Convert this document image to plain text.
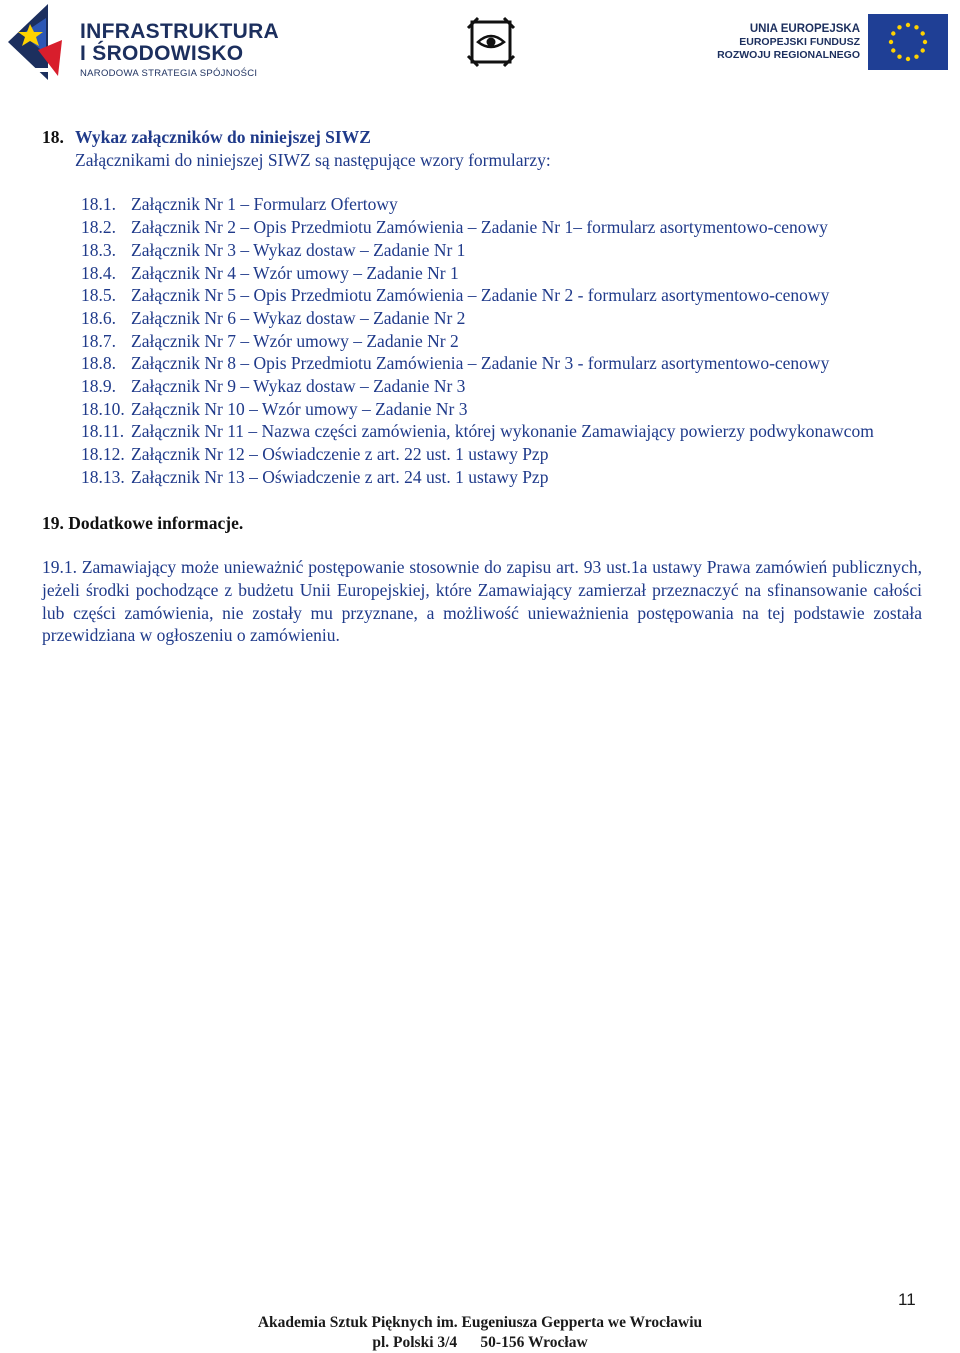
INFRASTRUKTURA
I ŚRODOWISKO
NARODOWA STRATEGIA SPÓJNOŚCI
UNIA EUROPEJSKA
EUROPEJSKI FUNDUSZ
ROZWOJU REGIONALNEGO
18. Wykaz załączników do niniejszej SIWZ
Załącznikami do niniejszej SIWZ są następujące wzory formularzy:
18.1. Załącznik Nr 1 – Formularz Ofertowy
18.2. Załącznik Nr 2 – Opis Przedmiotu Zamówienia – Zadanie Nr 1– formularz asortymentowo-cenowy
18.3. Załącznik Nr 3 – Wykaz dostaw – Zadanie Nr 1
18.4. Załącznik Nr 4 – Wzór umowy – Zadanie Nr 1
18.5. Załącznik Nr 5 – Opis Przedmiotu Zamówienia – Zadanie Nr 2 - formularz asortymentowo-cenowy
18.6. Załącznik Nr 6 – Wykaz dostaw – Zadanie Nr 2
18.7. Załącznik Nr 7 – Wzór umowy – Zadanie Nr 2
18.8. Załącznik Nr 8 – Opis Przedmiotu Zamówienia – Zadanie Nr 3 - formularz asortymentowo-cenowy
18.9. Załącznik Nr 9 – Wykaz dostaw – Zadanie Nr 3
18.10. Załącznik Nr 10 – Wzór umowy – Zadanie Nr 3
18.11. Załącznik Nr 11 – Nazwa części zamówienia, której wykonanie Zamawiający powierzy podwykonawcom
18.12. Załącznik Nr 12 – Oświadczenie z art. 22 ust. 1 ustawy Pzp
18.13. Załącznik Nr 13 – Oświadczenie z art. 24 ust. 1 ustawy Pzp
19. Dodatkowe informacje.
19.1. Zamawiający może unieważnić postępowanie stosownie do zapisu art. 93 ust.1a ustawy Prawa zamówień publicznych, jeżeli środki pochodzące z budżetu Unii Europejskiej, które Zamawiający zamierzał przeznaczyć na sfinansowanie całości lub części zamówienia, nie zostały mu przyznane, a możliwość unieważnienia postępowania na tej podstawie została przewidziana w ogłoszeniu o zamówieniu.
11
Akademia Sztuk Pięknych im. Eugeniusza Gepperta we Wrocławiu
pl. Polski 3/4      50-156 Wrocław
